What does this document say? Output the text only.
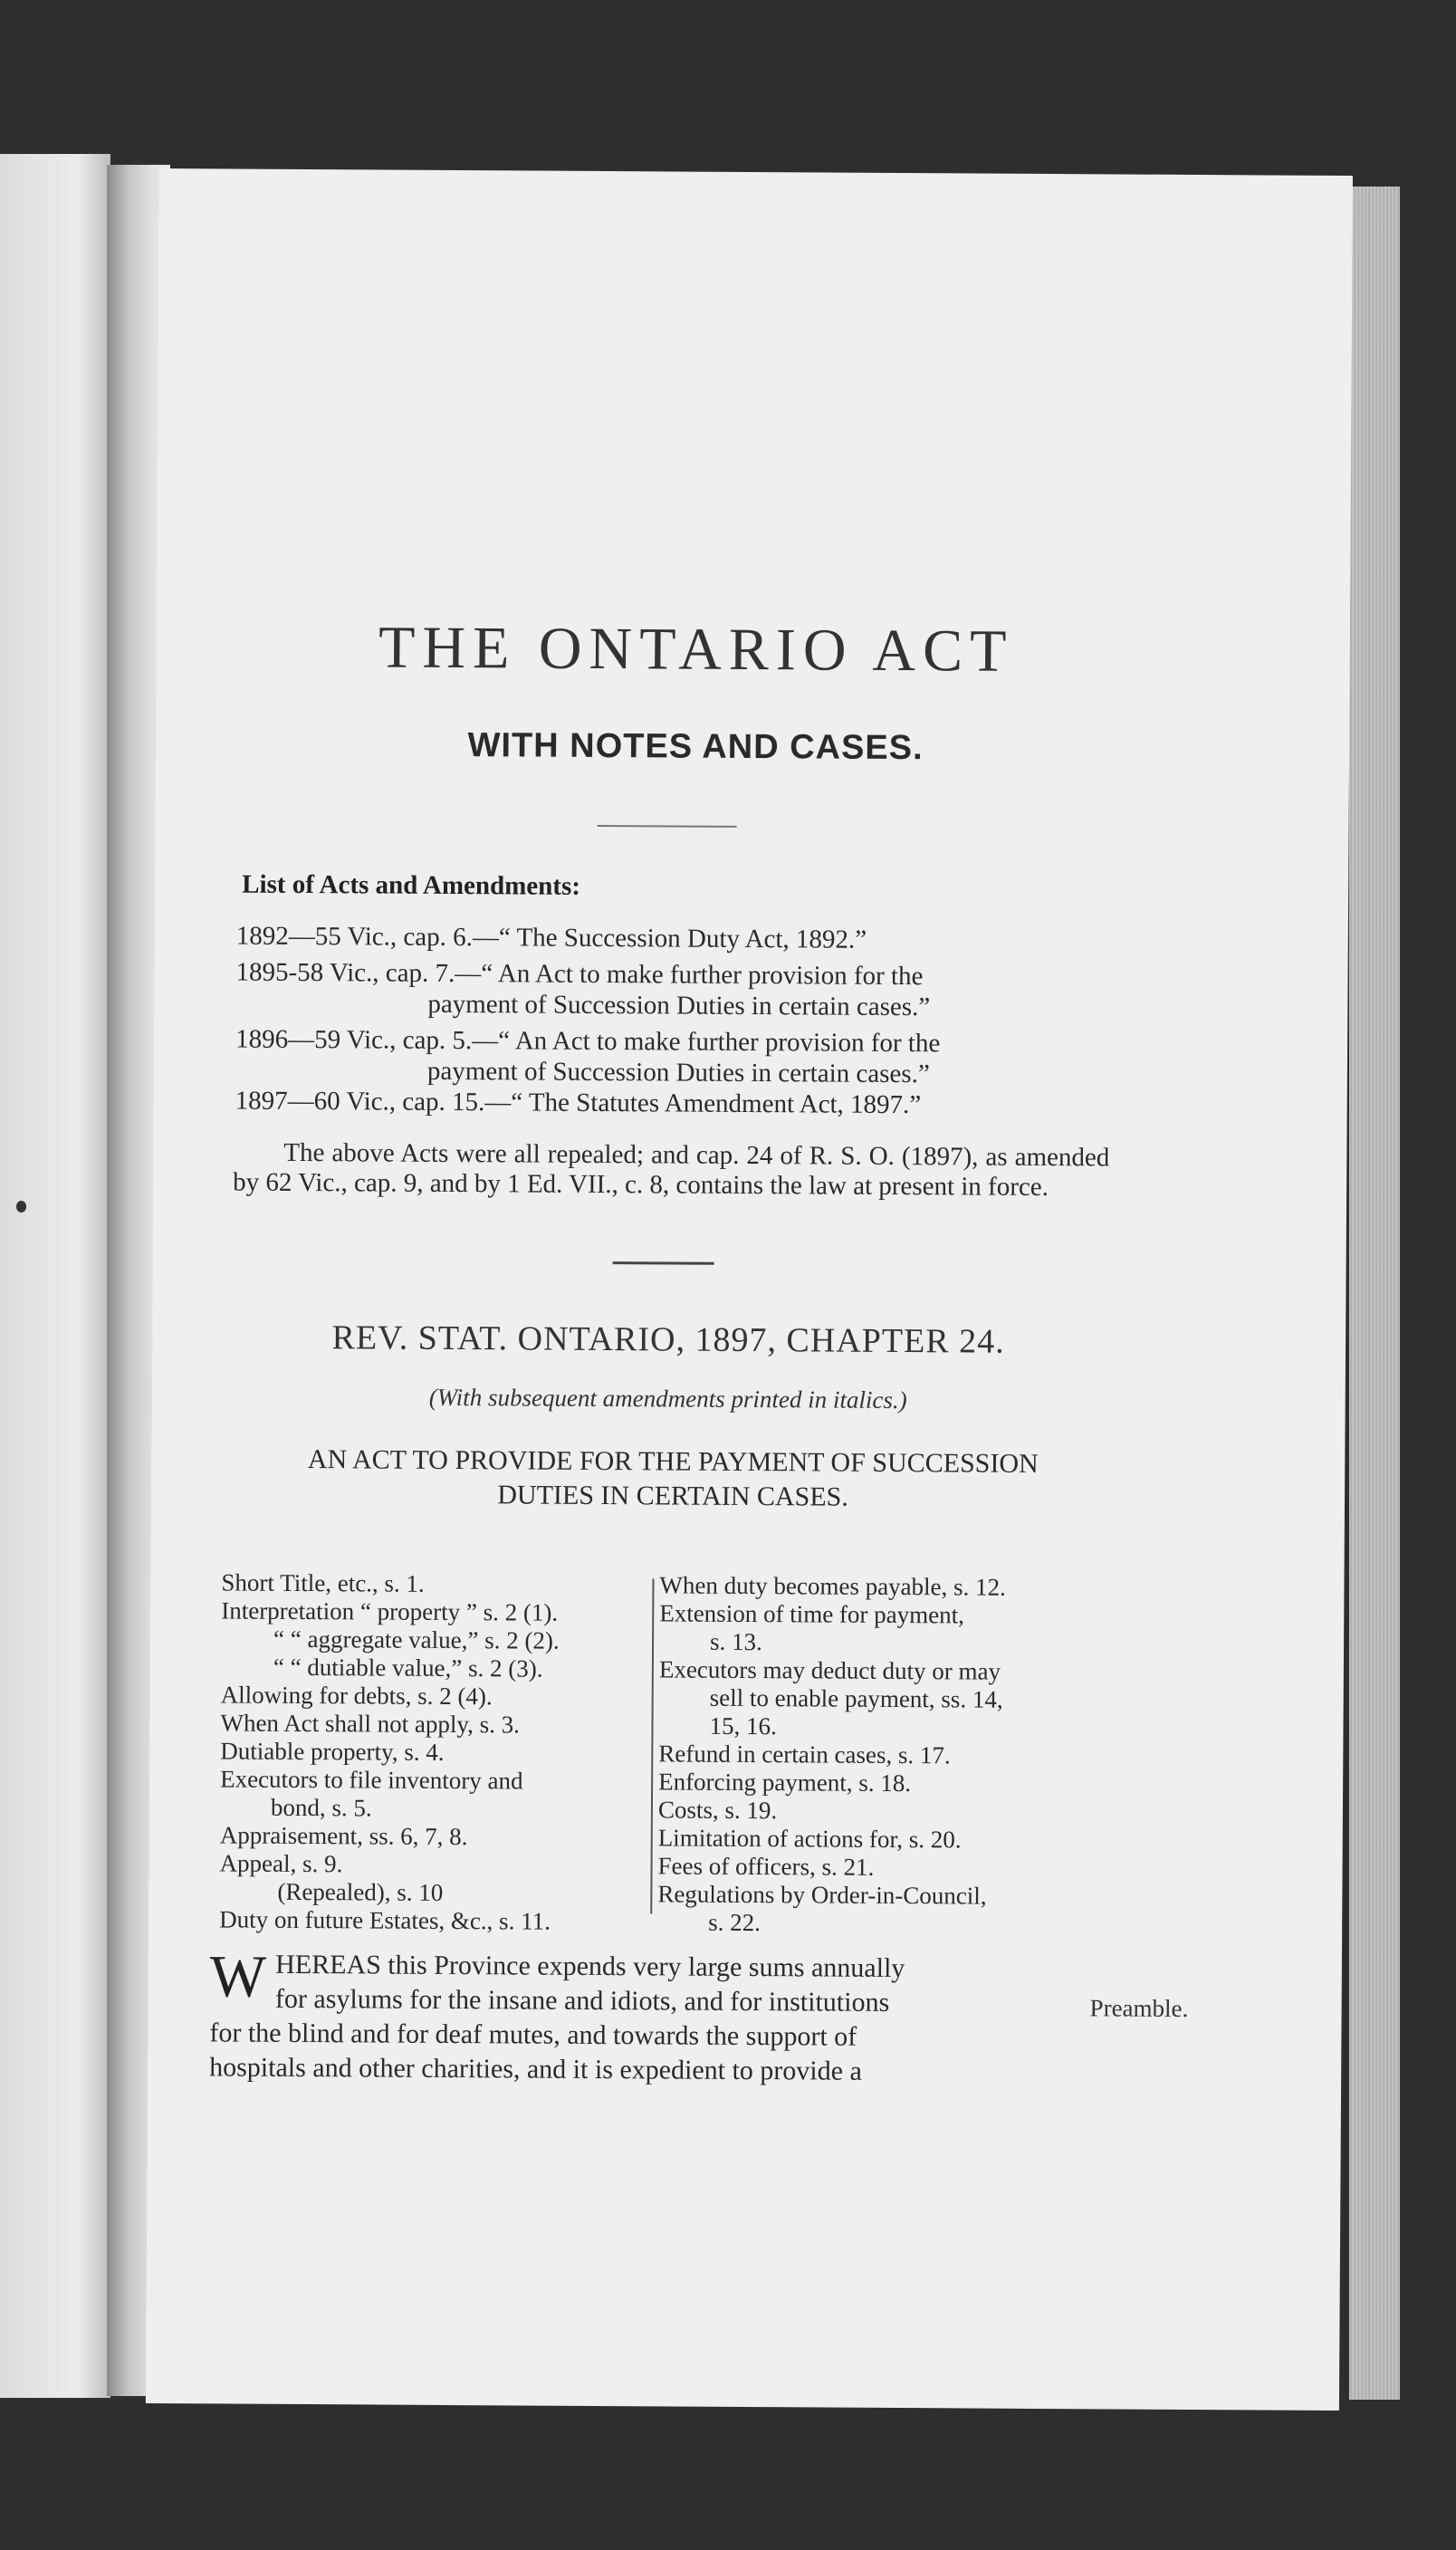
THE ONTARIO ACT
WITH NOTES AND CASES.
List of Acts and Amendments:
1892—55 Vic., cap. 6.—“ The Succession Duty Act, 1892.”
1895-58 Vic., cap. 7.—“ An Act to make further provision for the
payment of Succession Duties in certain cases.”
1896—59 Vic., cap. 5.—“ An Act to make further provision for the
payment of Succession Duties in certain cases.”
1897—60 Vic., cap. 15.—“ The Statutes Amendment Act, 1897.”
The above Acts were all repealed; and cap. 24 of R. S. O. (1897), as amended by 62 Vic., cap. 9, and by 1 Ed. VII., c. 8, contains the law at present in force.
REV. STAT. ONTARIO, 1897, CHAPTER 24.
(With subsequent amendments printed in italics.)
AN ACT TO PROVIDE FOR THE PAYMENT OF SUCCESSION
DUTIES IN CERTAIN CASES.
Short Title, etc., s. 1.
Interpretation “ property ” s. 2 (1).
“ “ aggregate value,” s. 2 (2).
“ “ dutiable value,” s. 2 (3).
Allowing for debts, s. 2 (4).
When Act shall not apply, s. 3.
Dutiable property, s. 4.
Executors to file inventory and
bond, s. 5.
Appraisement, ss. 6, 7, 8.
Appeal, s. 9.
(Repealed), s. 10
Duty on future Estates, &c., s. 11.
When duty becomes payable, s. 12.
Extension of time for payment,
s. 13.
Executors may deduct duty or may
sell to enable payment, ss. 14,
15, 16.
Refund in certain cases, s. 17.
Enforcing payment, s. 18.
Costs, s. 19.
Limitation of actions for, s. 20.
Fees of officers, s. 21.
Regulations by Order-in-Council,
s. 22.
W HEREAS this Province expends very large sums annually
for asylums for the insane and idiots, and for institutions
for the blind and for deaf mutes, and towards the support of
hospitals and other charities, and it is expedient to provide a
Preamble.
